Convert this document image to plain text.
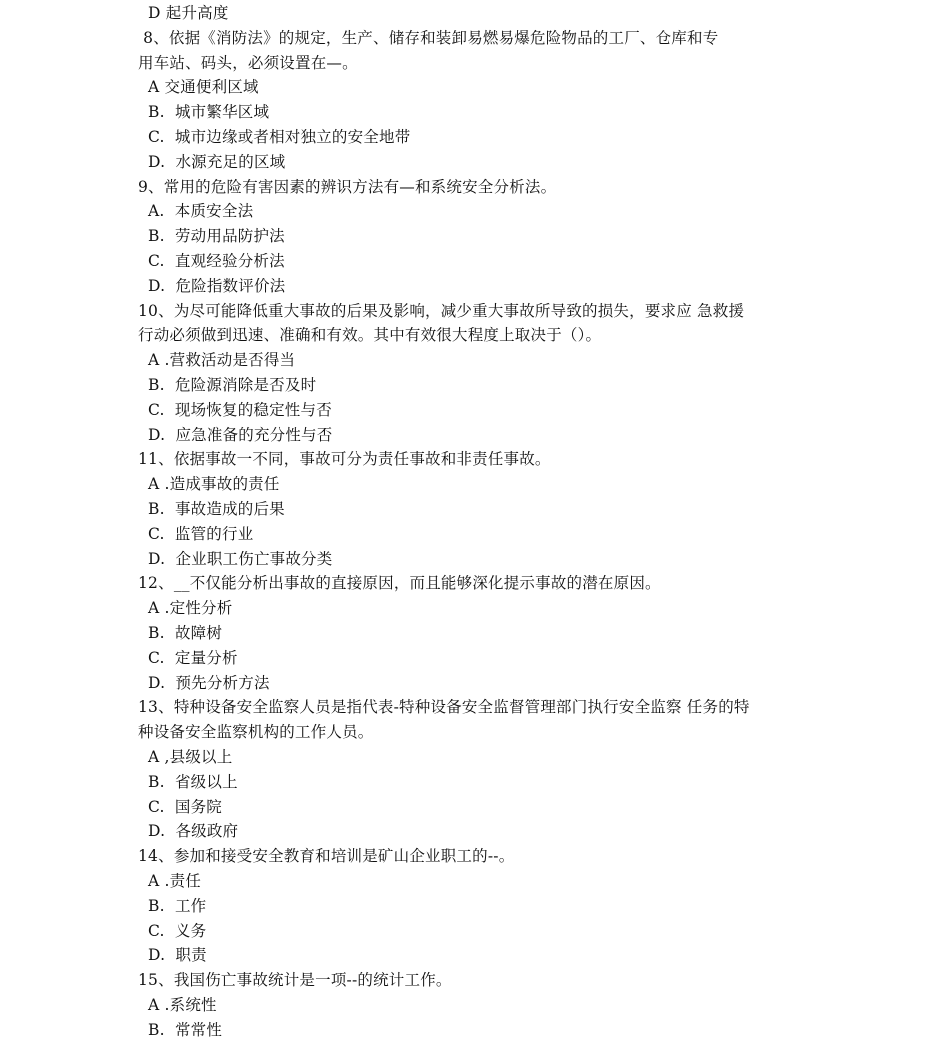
D 起升高度
8、依据《消防法》的规定，生产、储存和装卸易燃易爆危险物品的工厂、仓库和专
用车站、码头，必须设置在—。
A 交通便利区域
B.  城市繁华区域
C.  城市边缘或者相对独立的安全地带
D.  水源充足的区域
9、常用的危险有害因素的辨识方法有—和系统安全分析法。
A.  本质安全法
B.  劳动用品防护法
C.  直观经验分析法
D.  危险指数评价法
10、为尽可能降低重大事故的后果及影响，减少重大事故所导致的损失，要求应 急救援
行动必须做到迅速、准确和有效。其中有效很大程度上取决于（）。
A .营救活动是否得当
B.  危险源消除是否及时
C.  现场恢复的稳定性与否
D.  应急准备的充分性与否
11、依据事故一不同，事故可分为责任事故和非责任事故。
A .造成事故的责任
B.  事故造成的后果
C.  监管的行业
D.  企业职工伤亡事故分类
12、__不仅能分析出事故的直接原因，而且能够深化提示事故的潜在原因。
A .定性分析
B.  故障树
C.  定量分析
D.  预先分析方法
13、特种设备安全监察人员是指代表-特种设备安全监督管理部门执行安全监察 任务的特
种设备安全监察机构的工作人员。
A ,县级以上
B.  省级以上
C.  国务院
D.  各级政府
14、参加和接受安全教育和培训是矿山企业职工的--。
A .责任
B.  工作
C.  义务
D.  职责
15、我国伤亡事故统计是一项--的统计工作。
A .系统性
B.  常常性
